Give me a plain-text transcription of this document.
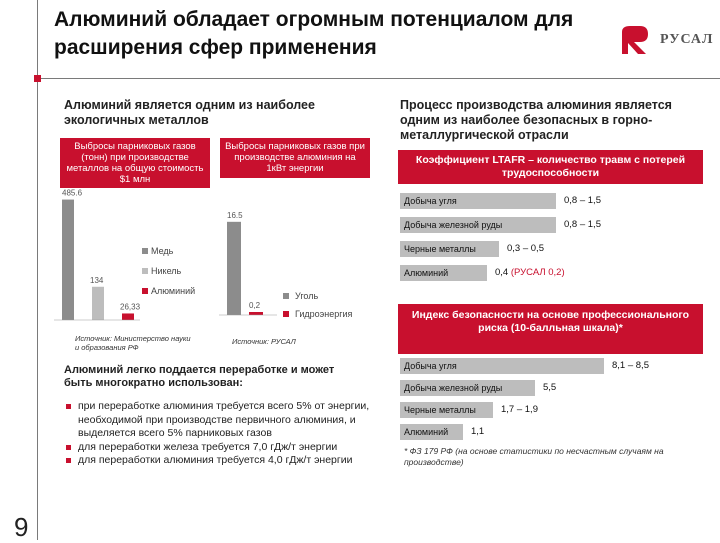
Алюминий обладает огромным потенциалом для расширения сфер применения	РУСАЛ
Алюминий является одним из наиболее экологичных металлов
Выбросы парниковых газов (тонн) при производстве металлов на общую стоимость $1 млн
Выбросы парниковых газов при производстве алюминия на 1кВт энергии
485.6
134
26,33
Медь
Никель
Алюминий
16.5
0,2
Уголь
Гидроэнергия
Источник: Министерство науки и образования РФ
Источник: РУСАЛ
Алюминий легко поддается переработке и может быть многократно использован:
при переработке алюминия требуется всего 5% от энергии, необходимой при производстве первичного алюминия, и выделяется всего 5% парниковых газов
для переработки железа требуется 7,0 гДж/т энергии
для переработки алюминия требуется 4,0 гДж/т энергии
Процесс производства алюминия является одним из наиболее безопасных в горно-металлургической отрасли
Коэффициент LTAFR – количество травм с потерей трудоспособности
Добыча угля	0,8 – 1,5
Добыча железной руды	0,8 – 1,5
Черные металлы	0,3 – 0,5
Алюминий	0,4 (РУСАЛ 0,2)
Индекс безопасности на основе профессионального риска (10-балльная шкала)*
Добыча угля	8,1 – 8,5
Добыча железной руды	5,5
Черные металлы	1,7 – 1,9
Алюминий 1,1
* ФЗ 179 РФ (на основе статистики по несчастным случаям на производстве)
9
